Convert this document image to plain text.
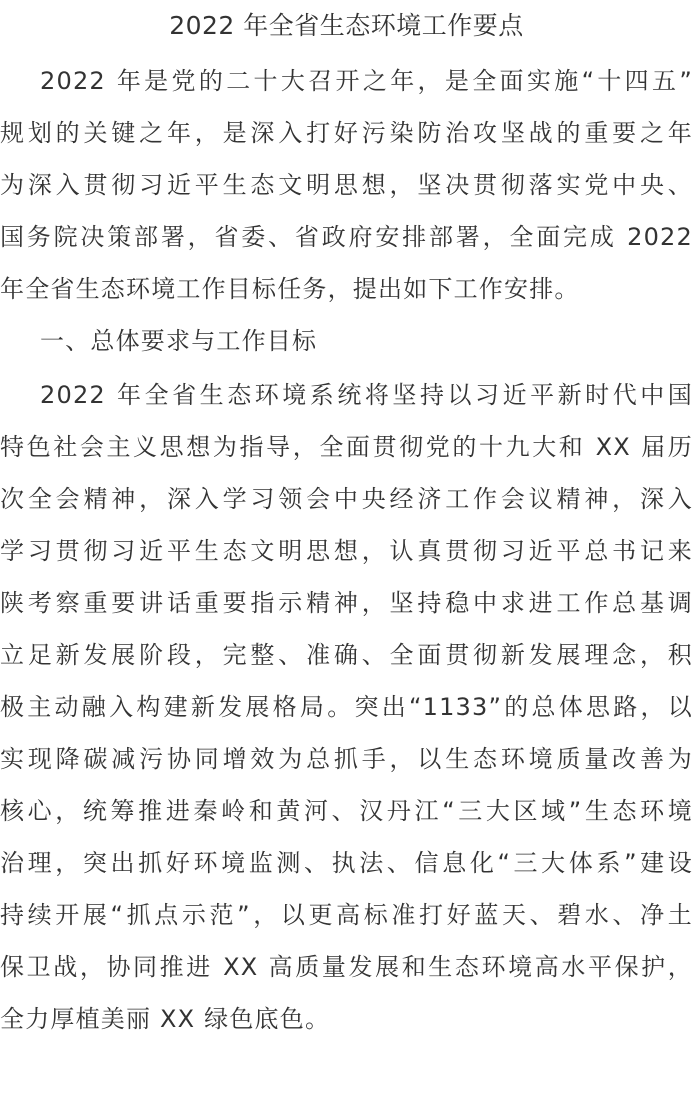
2022 年全省生态环境工作要点
2022 年是党的二十大召开之年，是全面实施“十四五”
规划的关键之年，是深入打好污染防治攻坚战的重要之年
为深入贯彻习近平生态文明思想，坚决贯彻落实党中央、
国务院决策部署，省委、省政府安排部署，全面完成 2022
年全省生态环境工作目标任务，提出如下工作安排。
一、总体要求与工作目标
2022 年全省生态环境系统将坚持以习近平新时代中国
特色社会主义思想为指导，全面贯彻党的十九大和 XX 届历
次全会精神，深入学习领会中央经济工作会议精神，深入
学习贯彻习近平生态文明思想，认真贯彻习近平总书记来
陕考察重要讲话重要指示精神，坚持稳中求进工作总基调
立足新发展阶段，完整、准确、全面贯彻新发展理念，积
极主动融入构建新发展格局。突出“1133”的总体思路，以
实现降碳减污协同增效为总抓手，以生态环境质量改善为
核心，统筹推进秦岭和黄河、汉丹江“三大区域”生态环境
治理，突出抓好环境监测、执法、信息化“三大体系”建设
持续开展“抓点示范”，以更高标准打好蓝天、碧水、净土
保卫战，协同推进 XX 高质量发展和生态环境高水平保护，
全力厚植美丽 XX 绿色底色。
